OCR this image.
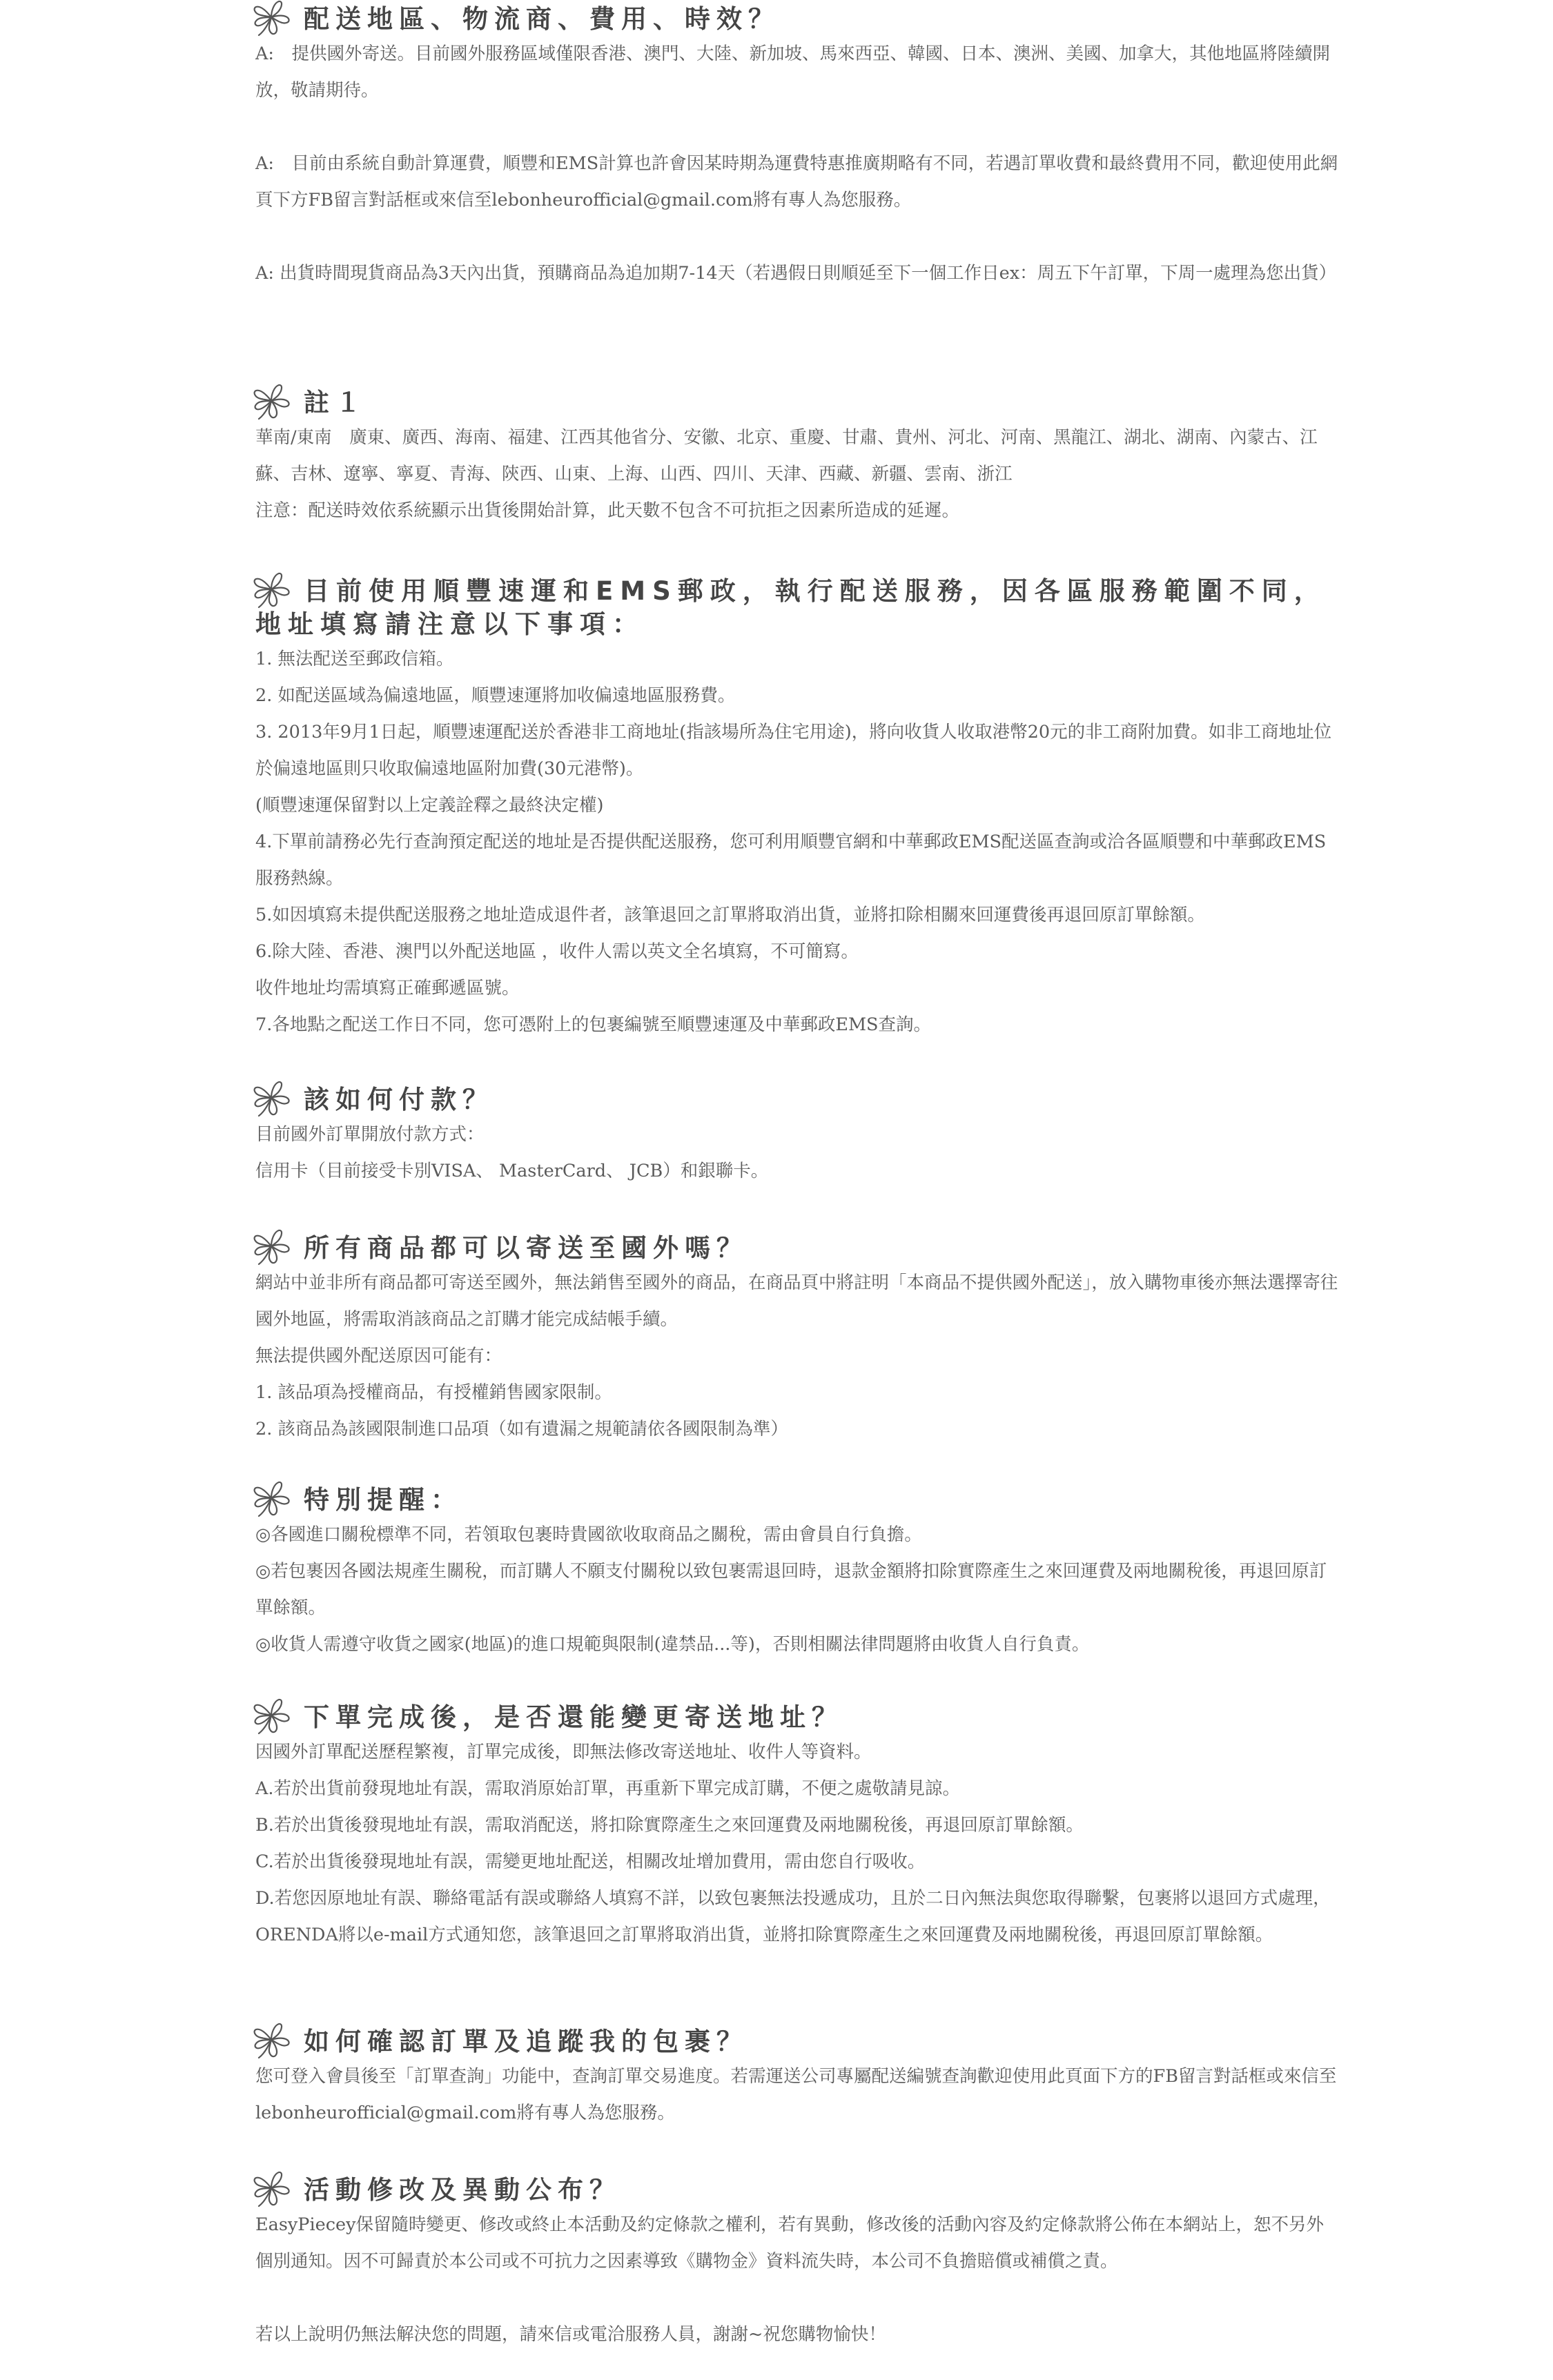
配送地區、物流商、費用、時效？

A:　提供國外寄送。目前國外服務區域僅限香港、澳門、大陸、新加坡、馬來西亞、韓國、日本、澳洲、美國、加拿大，其他地區將陸續開放，敬請期待。

A:　目前由系統自動計算運費，順豐和EMS計算也許會因某時期為運費特惠推廣期略有不同，若遇訂單收費和最終費用不同，歡迎使用此網頁下方FB留言對話框或來信至lebonheurofficial@gmail.com將有專人為您服務。

A: 出貨時間現貨商品為3天內出貨，預購商品為追加期7-14天（若遇假日則順延至下一個工作日ex：周五下午訂單，下周一處理為您出貨）

註１

華南/東南　廣東、廣西、海南、福建、江西其他省分、安徽、北京、重慶、甘肅、貴州、河北、河南、黑龍江、湖北、湖南、內蒙古、江蘇、吉林、遼寧、寧夏、青海、陝西、山東、上海、山西、四川、天津、西藏、新疆、雲南、浙江

注意：配送時效依系統顯示出貨後開始計算，此天數不包含不可抗拒之因素所造成的延遲。

目前使用順豐速運和EMS郵政，執行配送服務，因各區服務範圍不同，地址填寫請注意以下事項：

1. 無法配送至郵政信箱。

2. 如配送區域為偏遠地區，順豐速運將加收偏遠地區服務費。

3. 2013年9月1日起，順豐速運配送於香港非工商地址(指該場所為住宅用途)，將向收貨人收取港幣20元的非工商附加費。如非工商地址位於偏遠地區則只收取偏遠地區附加費(30元港幣)。

(順豐速運保留對以上定義詮釋之最終決定權)

4.下單前請務必先行查詢預定配送的地址是否提供配送服務，您可利用順豐官網和中華郵政EMS配送區查詢或洽各區順豐和中華郵政EMS服務熱線。

5.如因填寫未提供配送服務之地址造成退件者，該筆退回之訂單將取消出貨，並將扣除相關來回運費後再退回原訂單餘額。

6.除大陸、香港、澳門以外配送地區 ，收件人需以英文全名填寫，不可簡寫。

收件地址均需填寫正確郵遞區號。

7.各地點之配送工作日不同，您可憑附上的包裹編號至順豐速運及中華郵政EMS查詢。

該如何付款？

目前國外訂單開放付款方式：

信用卡（目前接受卡別VISA、 MasterCard、 JCB）和銀聯卡。

所有商品都可以寄送至國外嗎？

網站中並非所有商品都可寄送至國外，無法銷售至國外的商品，在商品頁中將註明「本商品不提供國外配送」，放入購物車後亦無法選擇寄往國外地區，將需取消該商品之訂購才能完成結帳手續。

無法提供國外配送原因可能有：

1. 該品項為授權商品，有授權銷售國家限制。

2. 該商品為該國限制進口品項（如有遺漏之規範請依各國限制為準）

特別提醒：

◎各國進口關稅標準不同，若領取包裹時貴國欲收取商品之關稅，需由會員自行負擔。

◎若包裹因各國法規產生關稅，而訂購人不願支付關稅以致包裹需退回時，退款金額將扣除實際產生之來回運費及兩地關稅後，再退回原訂單餘額。

◎收貨人需遵守收貨之國家(地區)的進口規範與限制(違禁品...等)，否則相關法律問題將由收貨人自行負責。

下單完成後，是否還能變更寄送地址？

因國外訂單配送歷程繁複，訂單完成後，即無法修改寄送地址、收件人等資料。

A.若於出貨前發現地址有誤，需取消原始訂單，再重新下單完成訂購，不便之處敬請見諒。

B.若於出貨後發現地址有誤，需取消配送，將扣除實際產生之來回運費及兩地關稅後，再退回原訂單餘額。

C.若於出貨後發現地址有誤，需變更地址配送，相關改址增加費用，需由您自行吸收。

D.若您因原地址有誤、聯絡電話有誤或聯絡人填寫不詳，以致包裹無法投遞成功，且於二日內無法與您取得聯繫，包裹將以退回方式處理，ORENDA將以e-mail方式通知您，該筆退回之訂單將取消出貨，並將扣除實際產生之來回運費及兩地關稅後，再退回原訂單餘額。

如何確認訂單及追蹤我的包裹？

您可登入會員後至「訂單查詢」功能中，查詢訂單交易進度。若需運送公司專屬配送編號查詢歡迎使用此頁面下方的FB留言對話框或來信至lebonheurofficial@gmail.com將有專人為您服務。

活動修改及異動公布？

EasyPiecey保留隨時變更、修改或終止本活動及約定條款之權利，若有異動，修改後的活動內容及約定條款將公佈在本網站上，恕不另外個別通知。因不可歸責於本公司或不可抗力之因素導致《購物金》資料流失時，本公司不負擔賠償或補償之責。

若以上說明仍無法解決您的問題，請來信或電洽服務人員，謝謝~祝您購物愉快！
